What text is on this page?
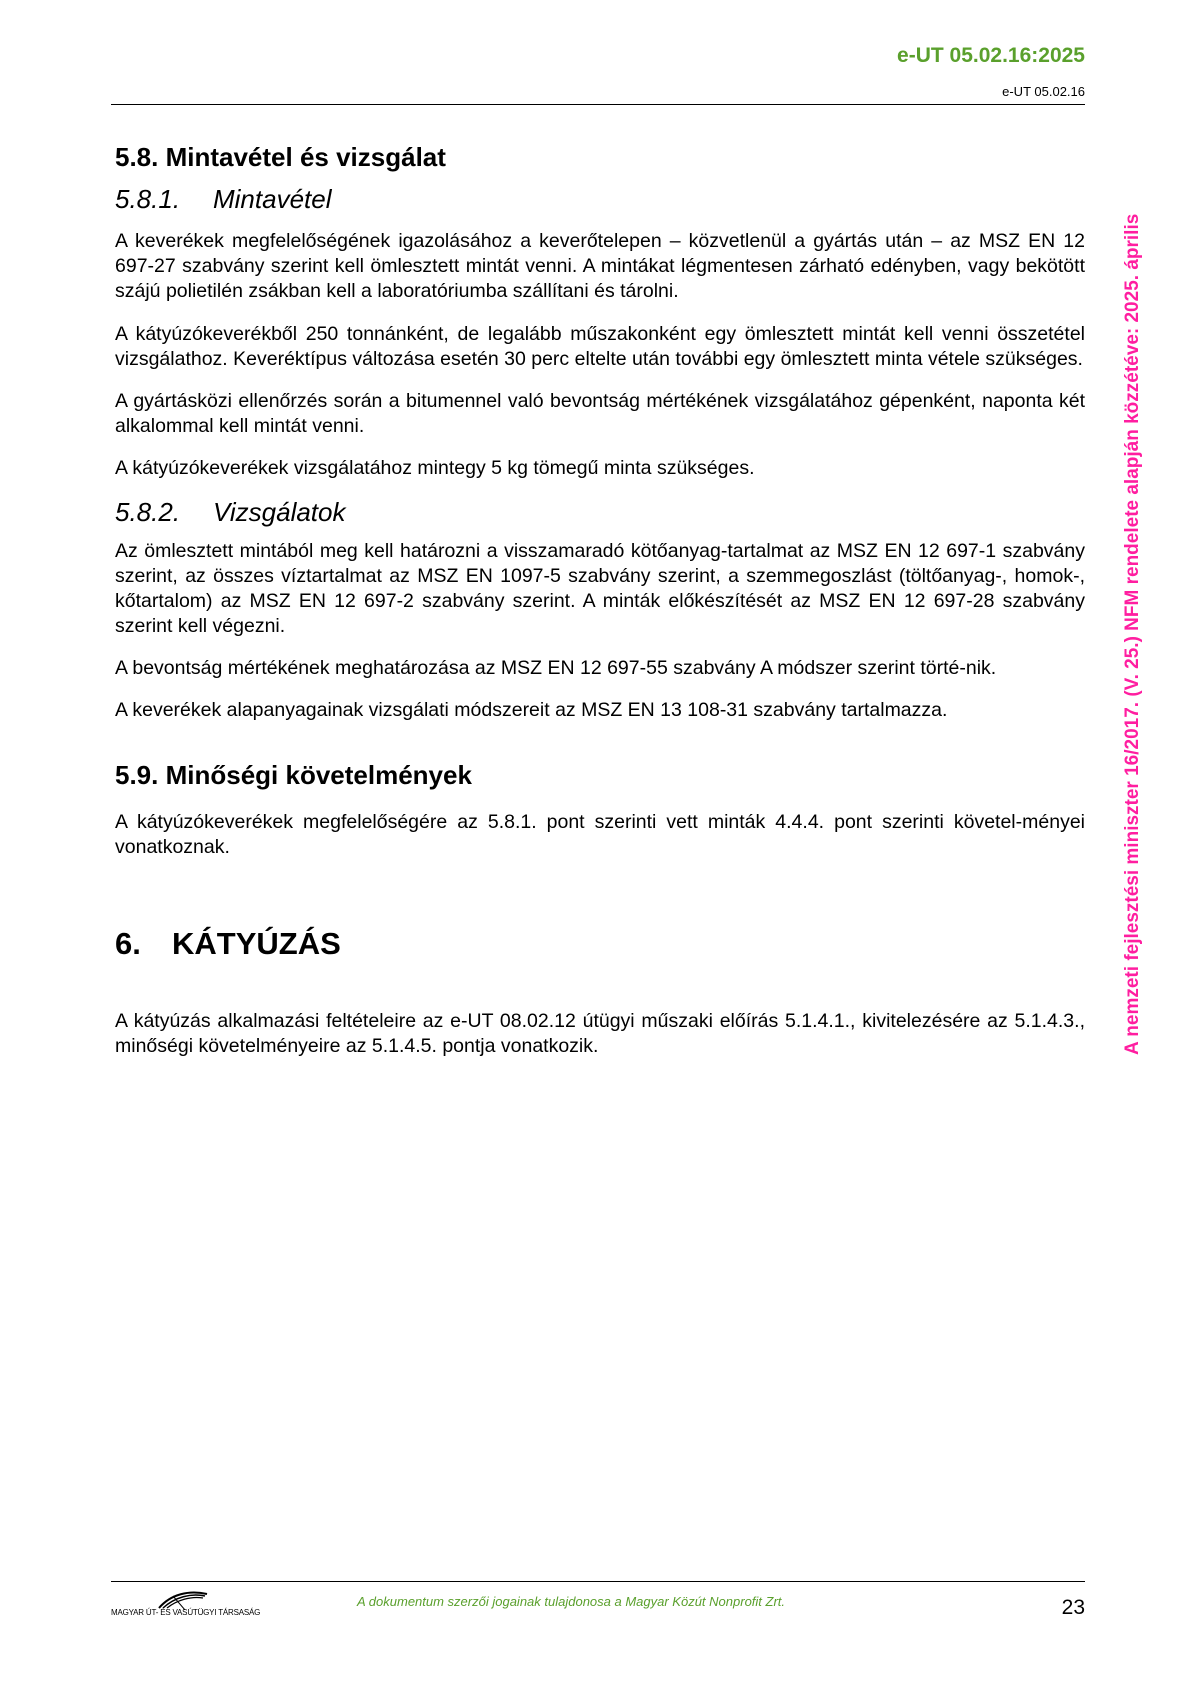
e-UT 05.02.16:2025
e-UT 05.02.16
5.8. Mintavétel és vizsgálat
5.8.1.	Mintavétel

A keverékek megfelelőségének igazolásához a keverőtelepen – közvetlenül a gyártás után – az MSZ EN 12 697-27 szabvány szerint kell ömlesztett mintát venni. A mintákat légmentesen zárható edényben, vagy bekötött szájú polietilén zsákban kell a laboratóriumba szállítani és tárolni.

A kátyúzókeverékből 250 tonnánként, de legalább műszakonként egy ömlesztett mintát kell venni összetétel vizsgálathoz. Keveréktípus változása esetén 30 perc eltelte után további egy ömlesztett minta vétele szükséges.

A gyártásközi ellenőrzés során a bitumennel való bevontság mértékének vizsgálatához gépenként, naponta két alkalommal kell mintát venni.

A kátyúzókeverékek vizsgálatához mintegy 5 kg tömegű minta szükséges.

5.8.2.	Vizsgálatok

Az ömlesztett mintából meg kell határozni a visszamaradó kötőanyag-tartalmat az MSZ EN 12 697-1 szabvány szerint, az összes víztartalmat az MSZ EN 1097-5 szabvány szerint, a szemmegoszlást (töltőanyag-, homok-, kőtartalom) az MSZ EN 12 697-2 szabvány szerint. A minták előkészítését az MSZ EN 12 697-28 szabvány szerint kell végezni.

A bevontság mértékének meghatározása az MSZ EN 12 697-55 szabvány A módszer szerint törté-nik.

A keverékek alapanyagainak vizsgálati módszereit az MSZ EN 13 108-31 szabvány tartalmazza.

5.9. Minőségi követelmények

A kátyúzókeverékek megfelelőségére az 5.8.1. pont szerinti vett minták 4.4.4. pont szerinti követel-ményei vonatkoznak.

6.	KÁTYÚZÁS

A kátyúzás alkalmazási feltételeire az e-UT 08.02.12 útügyi műszaki előírás 5.1.4.1., kivitelezésére az 5.1.4.3., minőségi követelményeire az 5.1.4.5. pontja vonatkozik.	A nemzeti fejlesztési miniszter 16/2017. (V. 25.) NFM rendelete alapján közzétéve: 2025. április
MAGYAR ÚT- ÉS VASÚTÜGYI TÁRSASÁG
A dokumentum szerzői jogainak tulajdonosa a Magyar Közút Nonprofit Zrt.	23
